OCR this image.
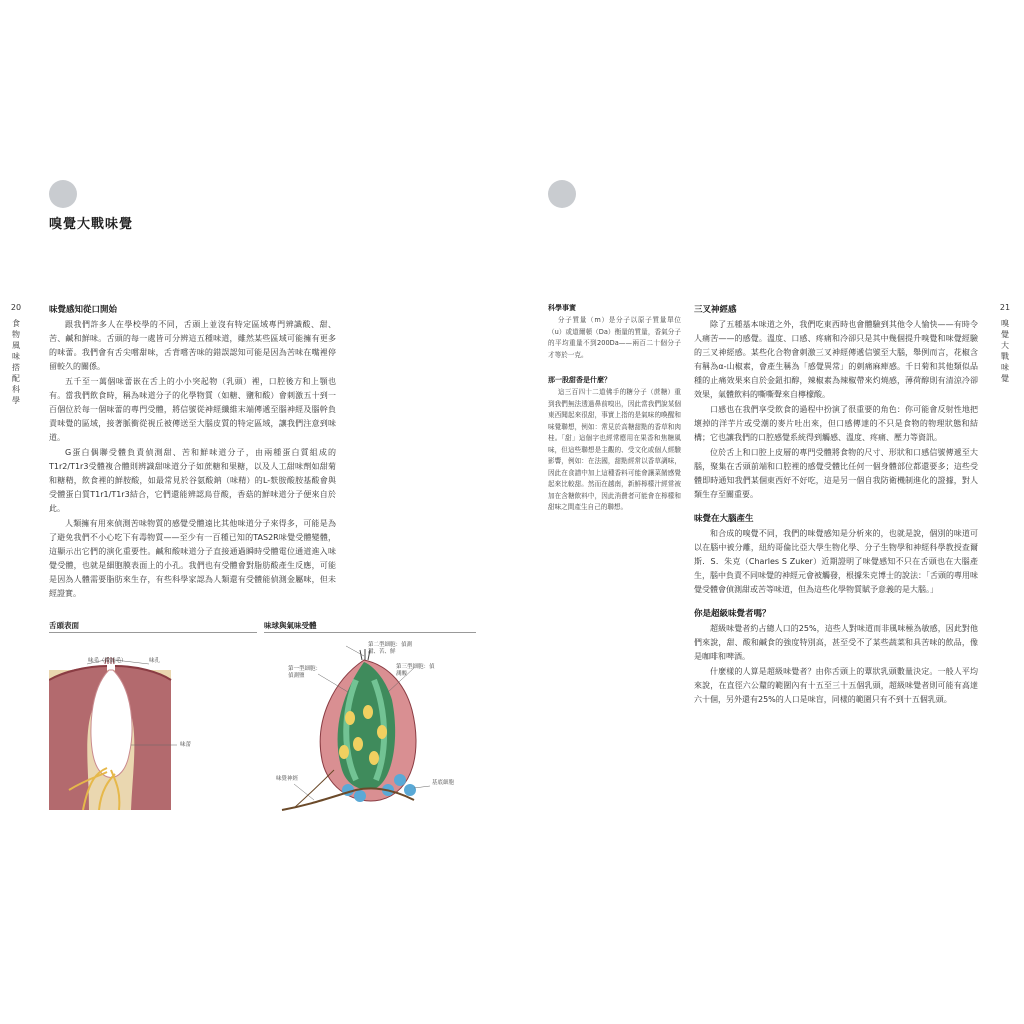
嗅覺大戰味覺
20
食物風味搭配科學
味覺感知從口開始

跟我們許多人在學校學的不同，舌頭上並沒有特定區域專門辨識酸、甜、苦、鹹和鮮味。舌頭的每一處皆可分辨這五種味道，雖然某些區域可能擁有更多的味蕾。我們會有舌尖嚐甜味，舌背嚐苦味的錯誤認知可能是因為苦味在嘴裡停留較久的關係。

五千至一萬個味蕾嵌在舌上的小小突起物（乳頭）裡，口腔後方和上顎也有。當我們飲食時，稱為味道分子的化學物質（如糖、鹽和酸）會刺激五十到一百個位於每一個味蕾的專門受體，將信號從神經纖維末端傳遞至腦神經及腦幹負責味覺的區域，接著脈衝從視丘被傳送至大腦皮質的特定區域，讓我們注意到味道。

G蛋白偶聯受體負責偵測甜、苦和鮮味道分子，由兩種蛋白質組成的T1r2/T1r3受體複合體則辨識甜味道分子如蔗糖和果糖，以及人工甜味劑如甜菊和糖精，飲食裡的鮮胺酸，如最常見於谷氨酸鈉（味精）的L-麩胺酸胺基酸會與受體蛋白質T1r1/T1r3結合，它們還能辨認鳥苷酸，香菇的鮮味道分子便來自於此。

人類擁有用來偵測苦味物質的感覺受體遠比其他味道分子來得多，可能是為了避免我們不小心吃下有毒物質——至少有一百種已知的TAS2R味覺受體變體，這顯示出它們的演化重要性。鹹和酸味道分子直接通過瞬時受體電位通道進入味覺受體，也就是細胞膜表面上的小孔。我們也有受體會對脂肪酸產生反應，可能是因為人體需要脂肪來生存，有些科學家認為人類還有受體能偵測金屬味，但未經證實。

舌頭表面
味毛（微絨毛）	味孔
味蕾
味球與氣味受體
第二型細胞：偵測甜、苦、鮮
第一型細胞：偵測鹽
第三型細胞：偵測酸
味覺神經
基底細胞
21
嗅覺大戰味覺
科學事實

分子質量（m）是分子以原子質量單位（u）或道爾頓（Da）衡量的質量，香氣分子的平均重量不到200Da——兩百二十個分子才等於一克。

那一股甜香是什麼？

這三百四十二道佛手的糖分子（蔗糖）重到我們無法透過鼻前嗅出，因此當我們說某個東西聞起來很甜，事實上指的是氣味的喚醒和味覺聯想，例如：常見於高糖甜點的香草和肉桂。「甜」這個字也經常應用在果香和焦糖風味，但這些聯想是主觀的、受文化或個人經驗影響，例如：在法國，甜點經常以香草調味，因此在食譜中加上這種香料可能會讓菜餚感覺起來比較甜。然而在越南，新鮮檸檬汁經常被加在含糖飲料中，因此消費者可能會在檸檬和甜味之間產生自己的聯想。

三叉神經感

除了五種基本味道之外，我們吃東西時也會體驗到其他令人愉快——有時令人痛苦——的感覺。溫度、口感、疼痛和冷卻只是其中幾個提升嗅覺和味覺經驗的三叉神經感。某些化合物會刺激三叉神經傳遞信號至大腦，舉例而言，花椒含有稱為α-山椒素，會產生稱為「感覺異常」的刺痛麻痺感。千日菊和其他類似品種的止痛效果來自於金鈕扣醇，辣椒素為辣椒帶來灼燒感，薄荷醇則有清涼冷卻效果，氣體飲料的嘶嘶聲來自檸檬酸。

口感也在我們享受飲食的過程中扮演了很重要的角色：你可能會反射性地把壞掉的洋芋片或受潮的麥片吐出來，但口感傳達的不只是食物的物理狀態和結構；它也讓我們的口腔感覺系統得到觸感、溫度、疼痛、壓力等資訊。

位於舌上和口腔上皮層的專門受體將食物的尺寸、形狀和口感信號傳遞至大腦，聚集在舌頭前端和口腔裡的感覺受體比任何一個身體部位都還要多；這些受體即時通知我們某個東西好不好吃，這是另一個自我防衛機制進化的證據，對人類生存至關重要。

味覺在大腦產生

和合成的嗅覺不同，我們的味覺感知是分析來的，也就是說，個別的味道可以在腦中被分離，紐約哥倫比亞大學生物化學、分子生物學和神經科學教授查爾斯．S．朱克（Charles S Zuker）近期證明了味覺感知不只在舌頭也在大腦產生，腦中負責不同味覺的神經元會被觸發，根據朱克博士的說法：「舌頭的專用味覺受體會偵測甜或苦等味道，但為這些化學物質賦予意義的是大腦。」

你是超級味覺者嗎？

超級味覺者約占總人口的25%，這些人對味道而非風味極為敏感，因此對他們來說，甜、酸和鹹食的強度特別高，甚至受不了某些蔬菜和具苦味的飲品，像是咖啡和啤酒。

什麼樣的人算是超級味覺者？由你舌頭上的蕈狀乳頭數量決定。一般人平均來說，在直徑六公釐的範圍內有十五至三十五個乳頭，超級味覺者則可能有高達六十個，另外還有25%的人口是味盲，同樣的範圍只有不到十五個乳頭。
